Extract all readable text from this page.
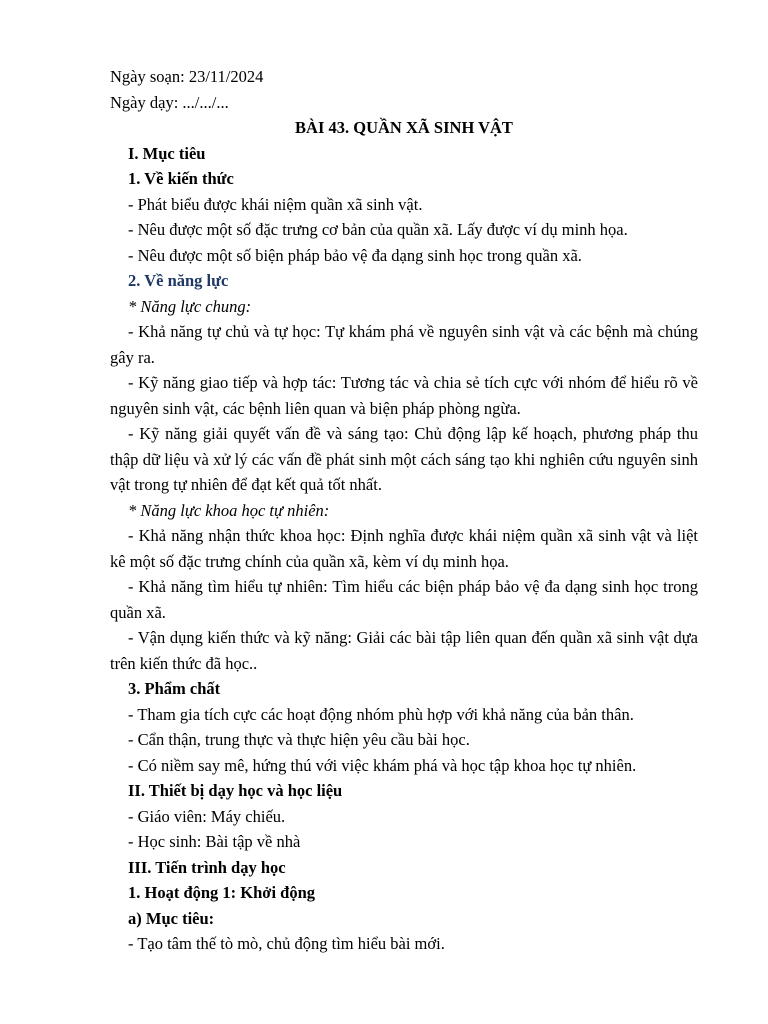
Ngày soạn: 23/11/2024
Ngày dạy: .../.../...
BÀI 43. QUẦN XÃ SINH VẬT
I. Mục tiêu
1. Về kiến thức
- Phát biểu được khái niệm quần xã sinh vật.
- Nêu được một số đặc trưng cơ bản của quần xã. Lấy được ví dụ minh họa.
- Nêu được một số biện pháp bảo vệ đa dạng sinh học trong quần xã.
2. Về năng lực
* Năng lực chung:

- Khả năng tự chủ và tự học: Tự khám phá về nguyên sinh vật và các bệnh mà chúng gây ra.

- Kỹ năng giao tiếp và hợp tác: Tương tác và chia sẻ tích cực với nhóm để hiểu rõ về nguyên sinh vật, các bệnh liên quan và biện pháp phòng ngừa.

- Kỹ năng giải quyết vấn đề và sáng tạo: Chủ động lập kế hoạch, phương pháp thu thập dữ liệu và xử lý các vấn đề phát sinh một cách sáng tạo khi nghiên cứu nguyên sinh vật trong tự nhiên để đạt kết quả tốt nhất.

* Năng lực khoa học tự nhiên:

- Khả năng nhận thức khoa học: Định nghĩa được khái niệm quần xã sinh vật và liệt kê một số đặc trưng chính của quần xã, kèm ví dụ minh họa.

- Khả năng tìm hiểu tự nhiên: Tìm hiểu các biện pháp bảo vệ đa dạng sinh học trong quần xã.

- Vận dụng kiến thức và kỹ năng: Giải các bài tập liên quan đến quần xã sinh vật dựa trên kiến thức đã học..

3. Phẩm chất
- Tham gia tích cực các hoạt động nhóm phù hợp với khả năng của bản thân.
- Cẩn thận, trung thực và thực hiện yêu cầu bài học.
- Có niềm say mê, hứng thú với việc khám phá và học tập khoa học tự nhiên.
II. Thiết bị dạy học và học liệu
- Giáo viên: Máy chiếu.
- Học sinh: Bài tập về nhà
III. Tiến trình dạy học
1. Hoạt động 1: Khởi động
a) Mục tiêu:
- Tạo tâm thế tò mò, chủ động tìm hiểu bài mới.
